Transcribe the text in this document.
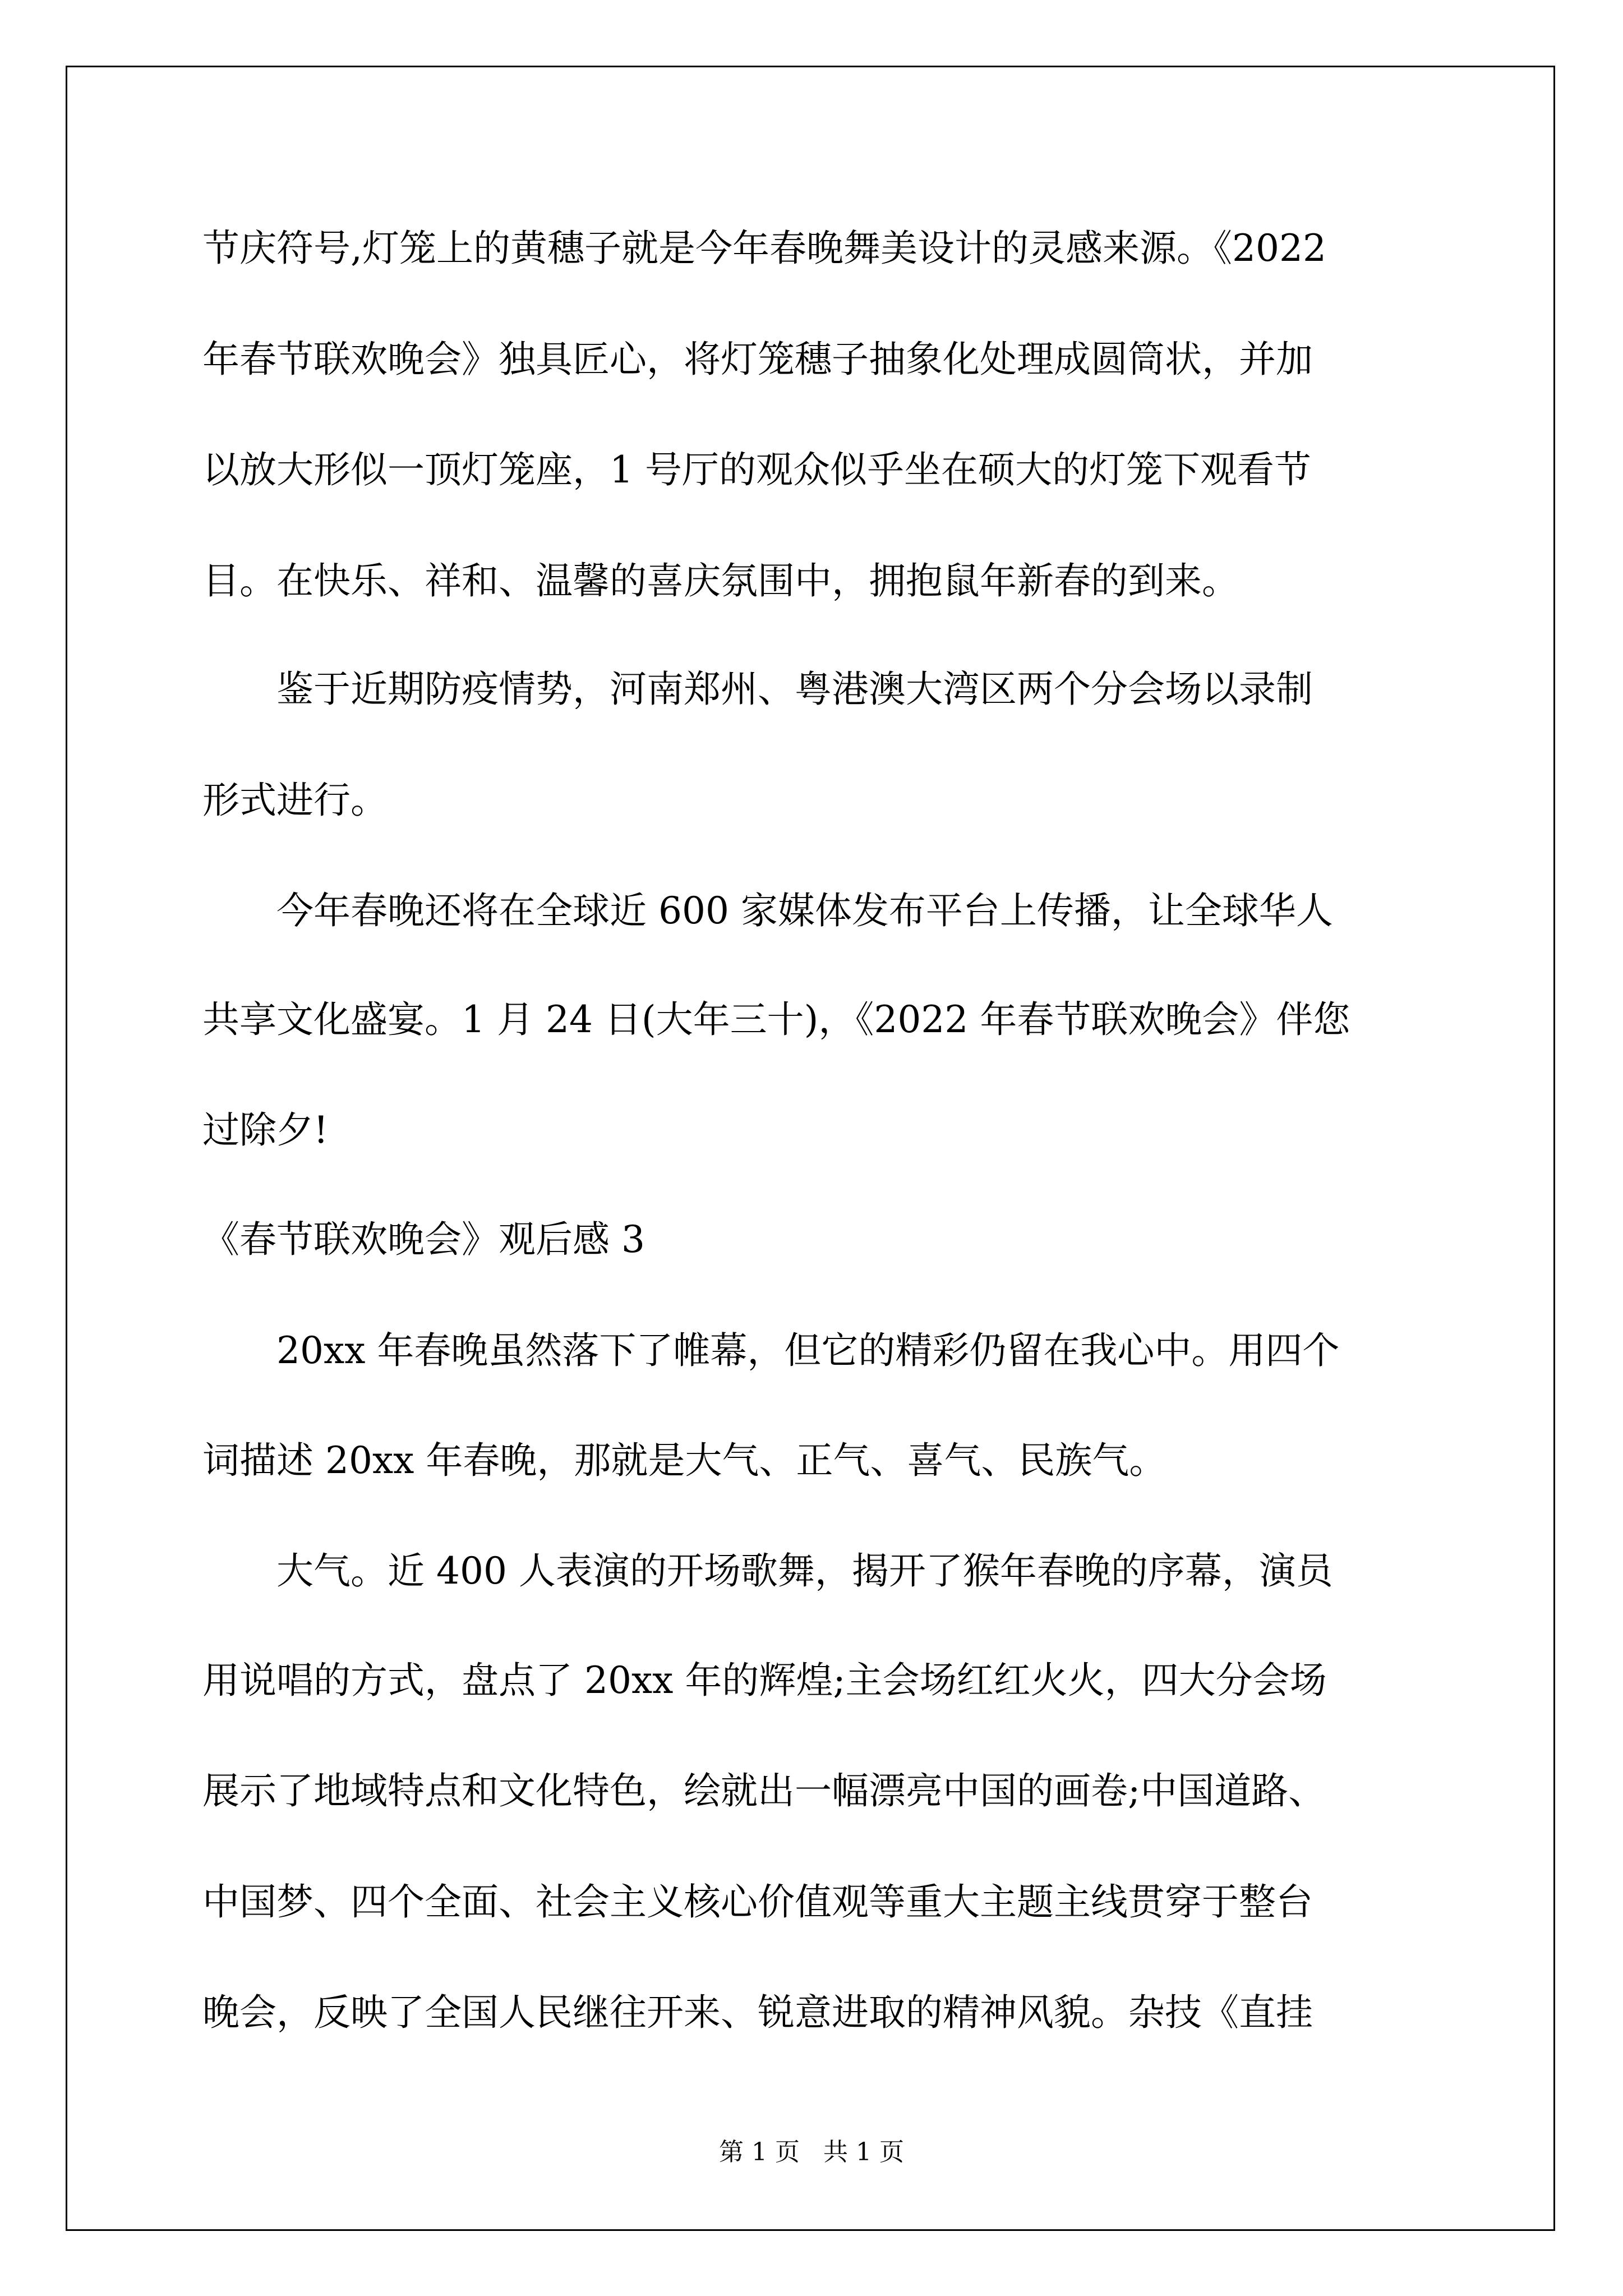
节庆符号,灯笼上的黄穗子就是今年春晚舞美设计的灵感来源。《2022

年春节联欢晚会》独具匠心，将灯笼穗子抽象化处理成圆筒状，并加

以放大形似一顶灯笼座，1 号厅的观众似乎坐在硕大的灯笼下观看节

目。在快乐、祥和、温馨的喜庆氛围中，拥抱鼠年新春的到来。

鉴于近期防疫情势，河南郑州、粤港澳大湾区两个分会场以录制

形式进行。

今年春晚还将在全球近 600 家媒体发布平台上传播，让全球华人

共享文化盛宴。1 月 24 日(大年三十)，《2022 年春节联欢晚会》伴您

过除夕!

《春节联欢晚会》观后感 3

20xx 年春晚虽然落下了帷幕，但它的精彩仍留在我心中。用四个

词描述 20xx 年春晚，那就是大气、正气、喜气、民族气。

大气。近 400 人表演的开场歌舞，揭开了猴年春晚的序幕，演员

用说唱的方式，盘点了 20xx 年的辉煌;主会场红红火火，四大分会场

展示了地域特点和文化特色，绘就出一幅漂亮中国的画卷;中国道路、

中国梦、四个全面、社会主义核心价值观等重大主题主线贯穿于整台

晚会，反映了全国人民继往开来、锐意进取的精神风貌。杂技《直挂

第 1 页   共 1 页
